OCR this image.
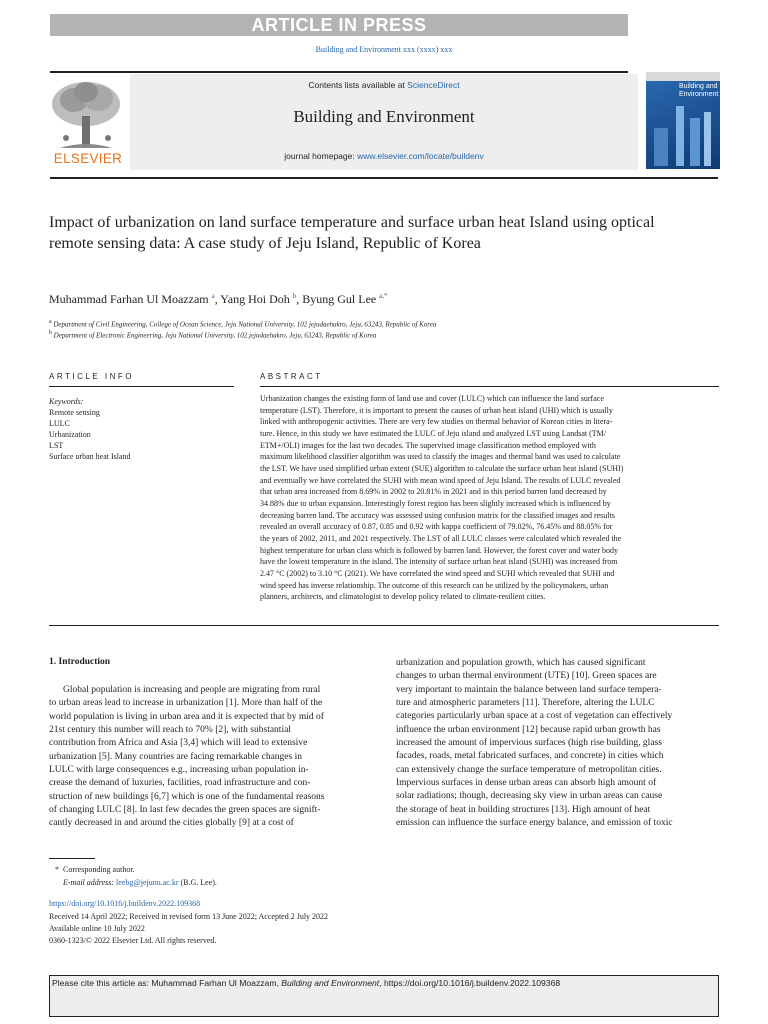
ARTICLE IN PRESS
Building and Environment xxx (xxxx) xxx
ELSEVIER
Contents lists available at ScienceDirect
Building and Environment
journal homepage: www.elsevier.com/locate/buildenv
Building and Environment
Impact of urbanization on land surface temperature and surface urban heat Island using optical remote sensing data: A case study of Jeju Island, Republic of Korea
Muhammad Farhan Ul Moazzam $^a$, Yang Hoi Doh $^b$, Byung Gul Lee $^{a,*}$
$^a$ Department of Civil Engineering, College of Ocean Science, Jeju National University, 102 jejudaehakro, Jeju, 63243, Republic of Korea
$^b$ Department of Electronic Engineering, Jeju National University, 102 jejudaehakro, Jeju, 63243, Republic of Korea
ARTICLE INFO	ABSTRACT
Keywords:
Remote sensing
LULC
Urbanization
LST
Surface urban heat Island
Urbanization changes the existing form of land use and cover (LULC) which can influence the land surface
temperature (LST). Therefore, it is important to present the causes of urban heat island (UHI) which is usually
linked with anthropogenic activities. There are very few studies on thermal behavior of Korean cities in litera-
ture. Hence, in this study we have estimated the LULC of Jeju island and analyzed LST using Landsat (TM/
ETM+/OLI) images for the last two decades. The supervised image classification method employed with
maximum likelihood classifier algorithm was used to classify the images and thermal band was used to calculate
the LST. We have used simplified urban extent (SUE) algorithm to calculate the surface urban heat island (SUHI)
and eventually we have correlated the SUHI with mean wind speed of Jeju Island. The results of LULC revealed
that urban area increased from 8.69% in 2002 to 20.81% in 2021 and in this period barren land decreased by
34.88% due to urban expansion. Interestingly forest region has been slightly increased which is influenced by
decreasing barren land. The accuracy was assessed using confusion matrix for the classified images and results
revealed an overall accuracy of 0.87, 0.85 and 0.92 with kappa coefficient of 79.02%, 76.45% and 88.05% for
the years of 2002, 2011, and 2021 respectively. The LST of all LULC classes were calculated which revealed the
highest temperature for urban class which is followed by barren land. However, the forest cover and water body
have the lowest temperature in the island. The intensity of surface urban heat island (SUHI) was increased from
2.47 °C (2002) to 3.10 °C (2021). We have correlated the wind speed and SUHI which revealed that SUHI and
wind speed has inverse relationship. The outcome of this research can be utilized by the policymakers, urban
planners, architects, and climatologist to develop policy related to climate-resilient cities.
1. Introduction
Global population is increasing and people are migrating from rural
to urban areas lead to increase in urbanization [1]. More than half of the
world population is living in urban area and it is expected that by mid of
21st century this number will reach to 70% [2], with substantial
contribution from Africa and Asia [3,4] which will lead to extensive
urbanization [5]. Many countries are facing remarkable changes in
LULC with large consequences e.g., increasing urban population in-
crease the demand of luxuries, facilities, road infrastructure and con-
struction of new buildings [6,7] which is one of the fundamental reasons
of changing LULC [8]. In last few decades the green spaces are signift-
cantly decreased in and around the cities globally [9] at a cost of
urbanization and population growth, which has caused significant
changes to urban thermal environment (UTE) [10]. Green spaces are
very important to maintain the balance between land surface tempera-
ture and atmospheric parameters [11]. Therefore, altering the LULC
categories particularly urban space at a cost of vegetation can effectively
influence the urban environment [12] because rapid urban growth has
increased the amount of impervious surfaces (high rise building, glass
facades, roads, metal fabricated surfaces, and concrete) in cities which
can extensively change the surface temperature of metropolitan cities.
Impervious surfaces in dense urban areas can absorb high amount of
solar radiations; though, decreasing sky view in urban areas can cause
the storage of heat in building structures [13]. High amount of heat
emission can influence the surface energy balance, and emission of toxic
* Corresponding author.
E-mail address: leebg@jejunu.ac.kr (B.G. Lee).
https://doi.org/10.1016/j.buildenv.2022.109368
Received 14 April 2022; Received in revised form 13 June 2022; Accepted 2 July 2022
Available online 10 July 2022
0360-1323/© 2022 Elsevier Ltd. All rights reserved.
Please cite this article as: Muhammad Farhan Ul Moazzam, Building and Environment, https://doi.org/10.1016/j.buildenv.2022.109368
